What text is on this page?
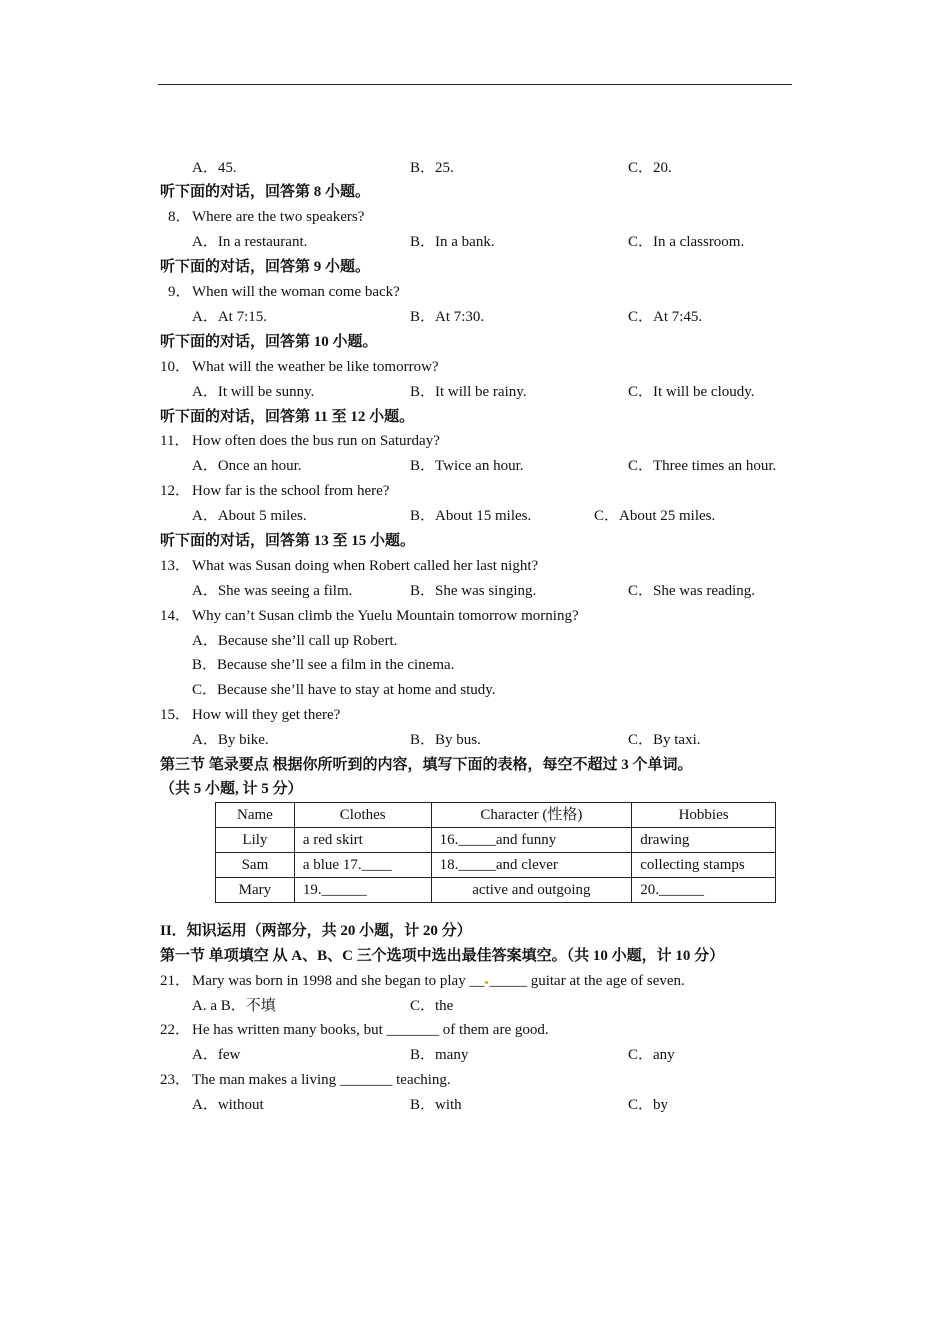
A．45.	B．25.	C．20.
听下面的对话，回答第 8 小题。
8． Where are the two speakers?
A．In a restaurant.	B．In a bank.	C．In a classroom.
听下面的对话，回答第 9 小题。
9． When will the woman come back?
A．At 7:15.	B．At 7:30.	C．At 7:45.
听下面的对话，回答第 10 小题。
10． What will the weather be like tomorrow?
A．It will be sunny.	B．It will be rainy.	C．It will be cloudy.
听下面的对话，回答第 11 至 12 小题。
11． How often does the bus run on Saturday?
A．Once an hour.	B．Twice an hour.	C．Three times an hour.
12． How far is the school from here?
A．About 5 miles.	B．About 15 miles.	C．About 25 miles.
听下面的对话，回答第 13 至 15 小题。
13． What was Susan doing when Robert called her last night?
A．She was seeing a film.	B．She was singing.	C．She was reading.
14． Why can’t Susan climb the Yuelu Mountain tomorrow morning?
A．Because she’ll call up Robert.
B．Because she’ll see a film in the cinema.
C．Because she’ll have to stay at home and study.
15． How will they get there?
A．By bike.	B．By bus.	C．By taxi.
第三节 笔录要点 根据你所听到的内容，填写下面的表格，每空不超过 3 个单词。
（共 5 小题, 计 5 分）
Name	Clothes	Character (性格)	Hobbies
Lily	a red skirt	16._____and funny	drawing
Sam	a blue 17.____	18._____and clever	collecting stamps
Mary	19.______	active and outgoing	20.______
II．知识运用（两部分，共 20 小题，计 20 分）
第一节 单项填空 从 A、B、C 三个选项中选出最佳答案填空。（共 10 小题，计 10 分）
21． Mary was born in 1998 and she began to play __ _____ guitar at the age of seven.
A. a B．不填	C．the
22． He has written many books, but _______ of them are good.
A．few	B．many	C．any
23． The man makes a living _______ teaching.
A．without	B．with	C．by
